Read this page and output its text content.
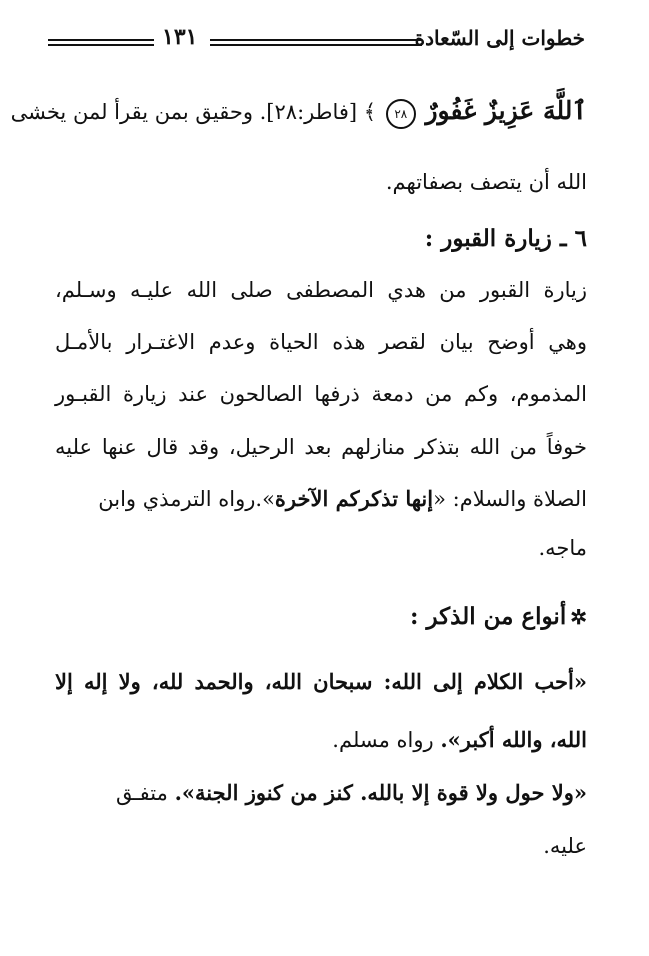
خطوات إلى السّعادة
١٣١
ٱللَّهَ عَزِيزٌ غَفُورٌ ٢٨ ﴾ [فاطر:٢٨]. وحقيق بمن يقرأ لمن يخشى
الله أن يتصف بصفاتهم.
٦ ـ زيارة القبور :
زيارة القبور من هدي المصطفى صلى الله عليـه وسـلم،
وهي أوضح بيان لقصر هذه الحياة وعدم الاغتـرار بالأمـل
المذموم، وكم من دمعة ذرفها الصالحون عند زيارة القبـور
خوفاً من الله بتذكر منازلهم بعد الرحيل، وقد قال عنها عليه
الصلاة والسلام: «إنها تذكركم الآخرة».رواه الترمذي وابن
ماجه.
✲أنواع من الذكر :
«أحب الكلام إلى الله: سبحان الله، والحمد لله، ولا إله إلا
الله، والله أكبر». رواه مسلم.
«ولا حول ولا قوة إلا بالله. كنز من كنوز الجنة». متفـق
عليه.
